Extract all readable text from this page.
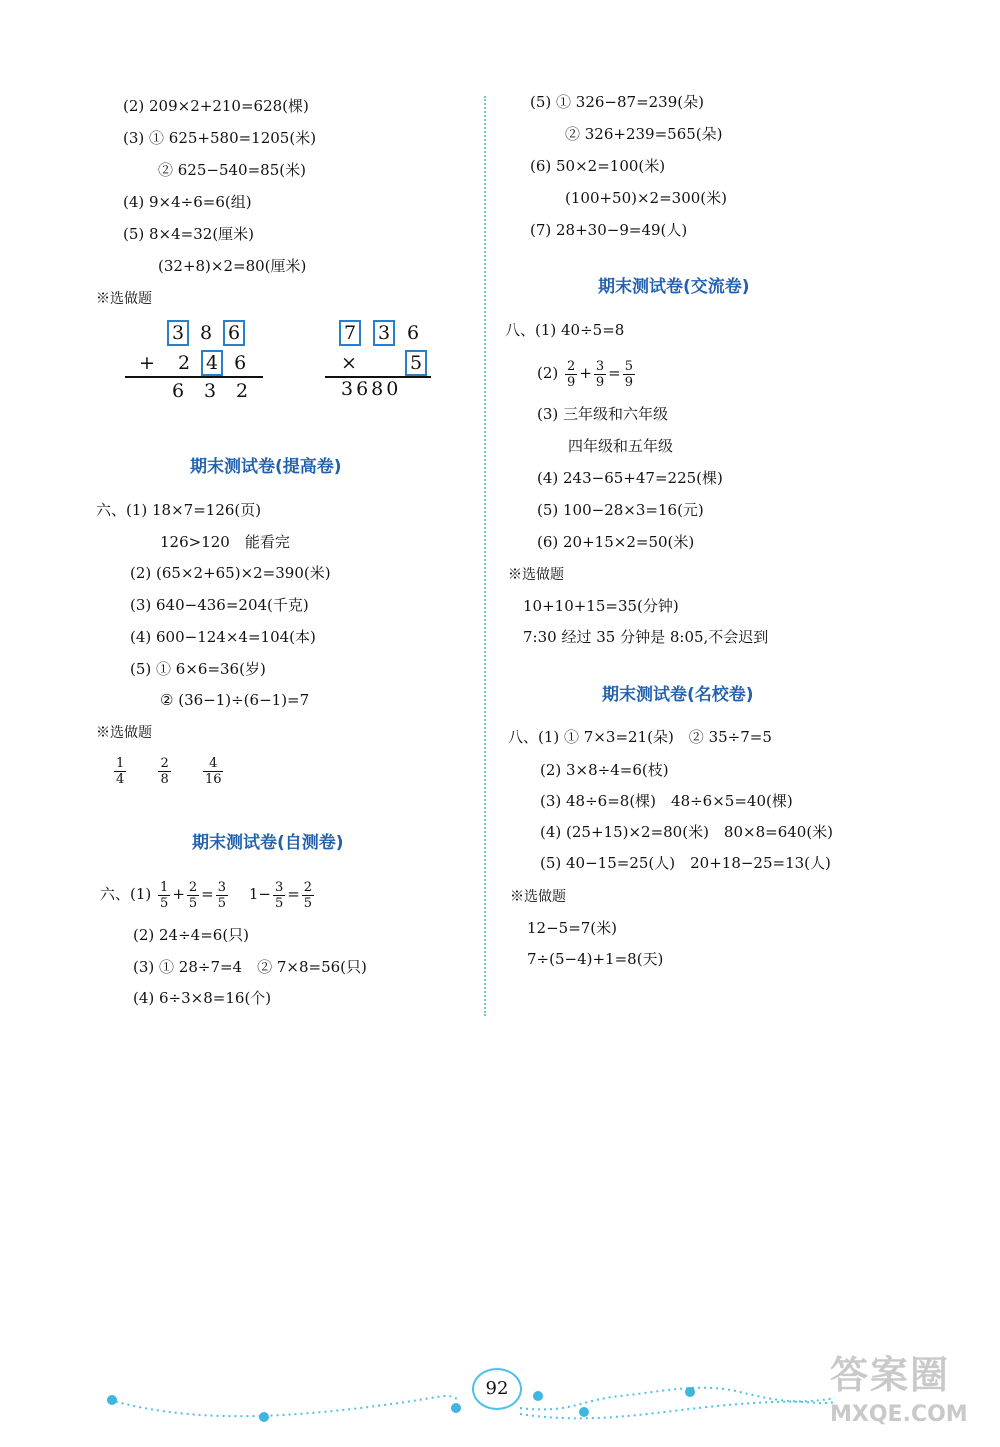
(2) 209×2+210=628(棵)
(3) ① 625+580=1205(米)
② 625−540=85(米)
(4) 9×4÷6=6(组)
(5) 8×4=32(厘米)
(32+8)×2=80(厘米)
※选做题
3 8 6
+ 2 4 6
6 3 2
7 3 6
×	5
3680
期末测试卷(提高卷)
六、(1) 18×7=126(页)
126>120　能看完
(2) (65×2+65)×2=390(米)
(3) 640−436=204(千克)
(4) 600−124×4=104(本)
(5) ① 6×6=36(岁)
② (36−1)÷(6−1)=7
※选做题
$\frac{1}{4}$
$\frac{2}{8}$
$\frac{4}{16}$
期末测试卷(自测卷)
六、$(1) \frac{1}{5} + \frac{2}{5} = \frac{3}{5} 1- \frac{3}{5} = \frac{2}{5}$
(2) 24÷4=6(只)
(3) ① 28÷7=4　② 7×8=56(只)
(4) 6÷3×8=16(个)
(5) ① 326−87=239(朵)
② 326+239=565(朵)
(6) 50×2=100(米)
(100+50)×2=300(米)
(7) 28+30−9=49(人)
期末测试卷(交流卷)
八、(1) 40÷5=8
$(2) \frac{2}{9} + \frac{3}{9} = \frac{5}{9}$
(3) 三年级和六年级
四年级和五年级
(4) 243−65+47=225(棵)
(5) 100−28×3=16(元)
(6) 20+15×2=50(米)
※选做题
10+10+15=35(分钟)
7:30 经过 35 分钟是 8:05,不会迟到
期末测试卷(名校卷)
八、(1) ① 7×3=21(朵)　② 35÷7=5
(2) 3×8÷4=6(枝)
(3) 48÷6=8(棵)　48÷6×5=40(棵)
(4) (25+15)×2=80(米)　80×8=640(米)
(5) 40−15=25(人)　20+18−25=13(人)
※选做题
12−5=7(米)
7÷(5−4)+1=8(天)
92	答案圈
MXQE.COM
